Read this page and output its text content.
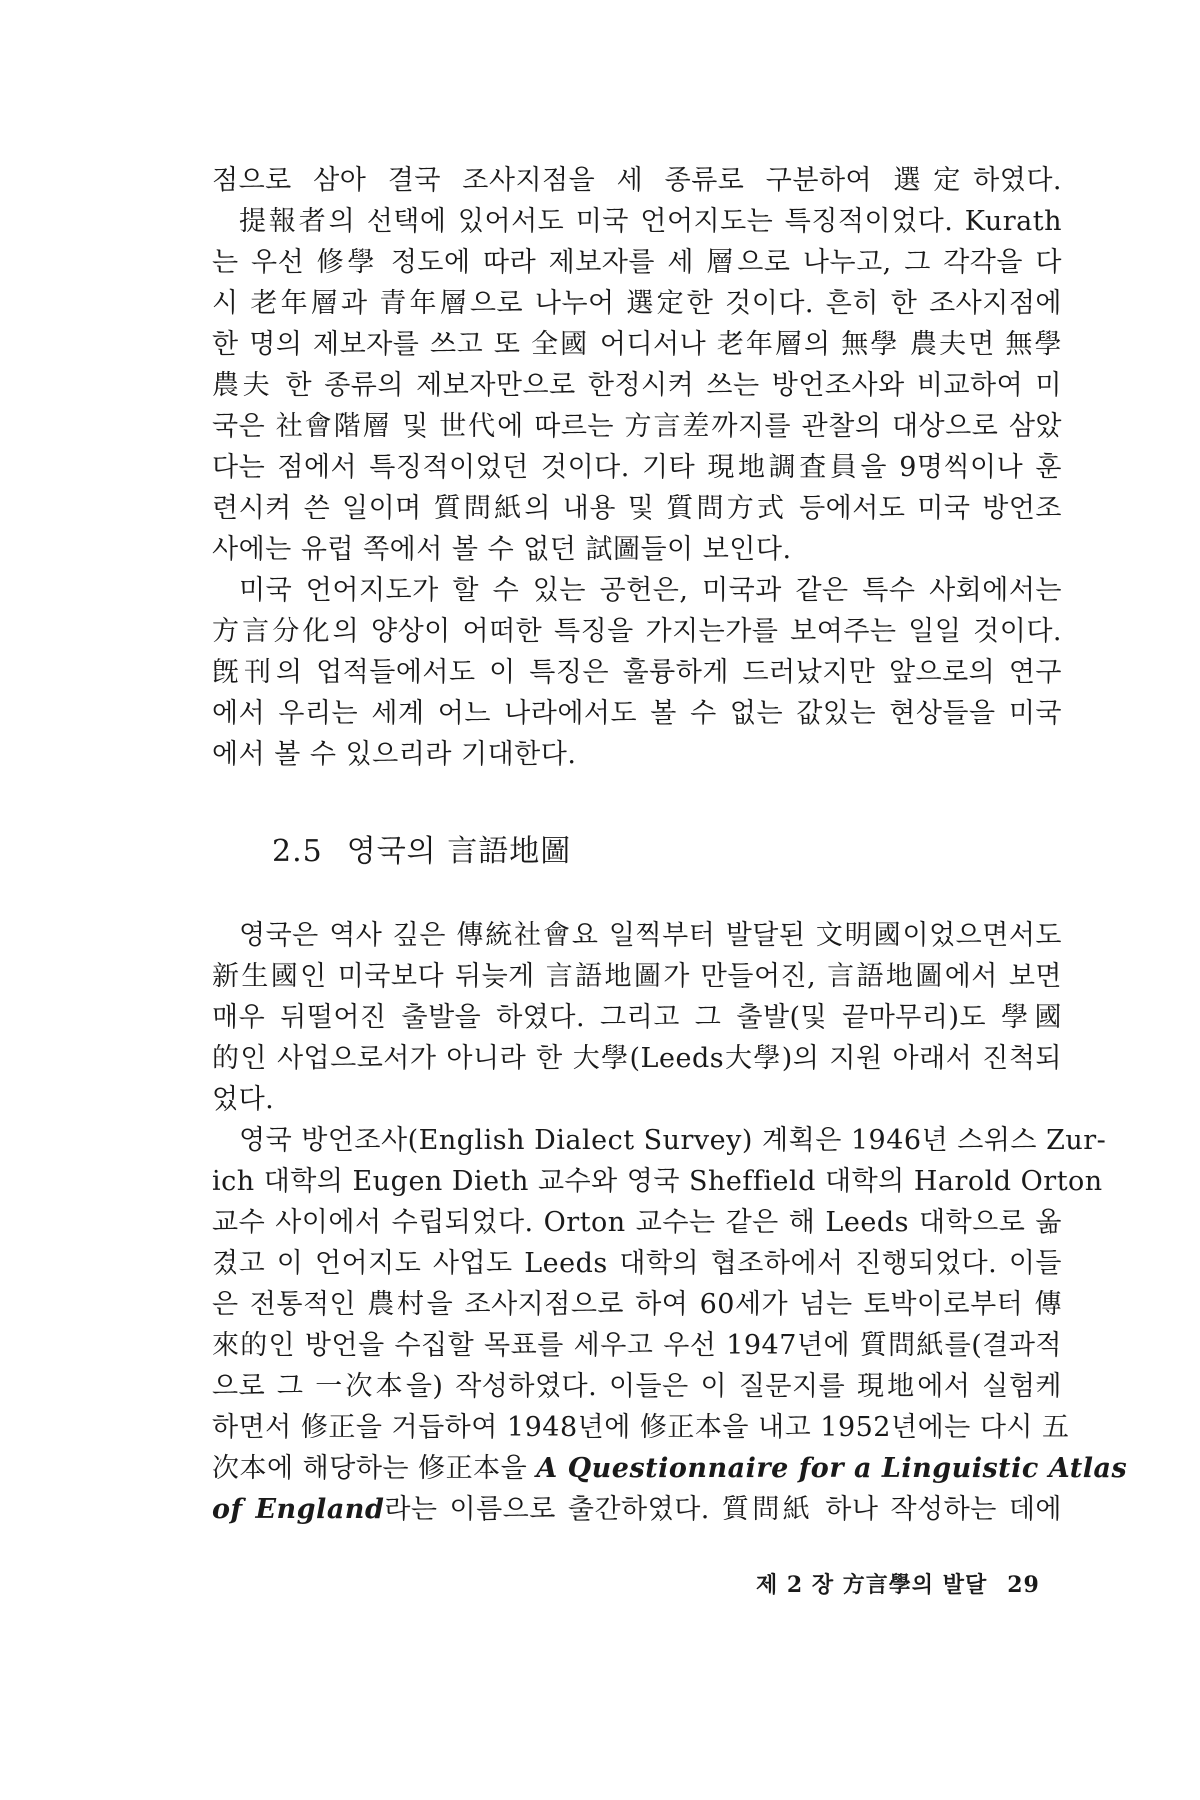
점으로 삼아 결국 조사지점을 세 종류로 구분하여 選定하였다.
提報者의 선택에 있어서도 미국 언어지도는 특징적이었다. Kurath
는 우선 修學 정도에 따라 제보자를 세 層으로 나누고, 그 각각을 다
시 老年層과 青年層으로 나누어 選定한 것이다. 흔히 한 조사지점에
한 명의 제보자를 쓰고 또 全國 어디서나 老年層의 無學 農夫면 無學
農夫 한 종류의 제보자만으로 한정시켜 쓰는 방언조사와 비교하여 미
국은 社會階層 및 世代에 따르는 方言差까지를 관찰의 대상으로 삼았
다는 점에서 특징적이었던 것이다. 기타 現地調査員을 9명씩이나 훈
련시켜 쓴 일이며 質問紙의 내용 및 質問方式 등에서도 미국 방언조
사에는 유럽 쪽에서 볼 수 없던 試圖들이 보인다.
미국 언어지도가 할 수 있는 공헌은, 미국과 같은 특수 사회에서는
方言分化의 양상이 어떠한 특징을 가지는가를 보여주는 일일 것이다.
旣刊의 업적들에서도 이 특징은 훌륭하게 드러났지만 앞으로의 연구
에서 우리는 세계 어느 나라에서도 볼 수 없는 값있는 현상들을 미국
에서 볼 수 있으리라 기대한다.
2.5 영국의 言語地圖
영국은 역사 깊은 傳統社會요 일찍부터 발달된 文明國이었으면서도
新生國인 미국보다 뒤늦게 言語地圖가 만들어진, 言語地圖에서 보면
매우 뒤떨어진 출발을 하였다. 그리고 그 출발(및 끝마무리)도 學國
的인 사업으로서가 아니라 한 大學(Leeds大學)의 지원 아래서 진척되
었다.
영국 방언조사(English Dialect Survey) 계획은 1946년 스위스 Zur-
ich 대학의 Eugen Dieth 교수와 영국 Sheffield 대학의 Harold Orton
교수 사이에서 수립되었다. Orton 교수는 같은 해 Leeds 대학으로 옮
겼고 이 언어지도 사업도 Leeds 대학의 협조하에서 진행되었다. 이들
은 전통적인 農村을 조사지점으로 하여 60세가 넘는 토박이로부터 傳
來的인 방언을 수집할 목표를 세우고 우선 1947년에 質問紙를(결과적
으로 그 一次本을) 작성하였다. 이들은 이 질문지를 現地에서 실험케
하면서 修正을 거듭하여 1948년에 修正本을 내고 1952년에는 다시 五
次本에 해당하는 修正本을 A Questionnaire for a Linguistic Atlas
of England라는 이름으로 출간하였다. 質問紙 하나 작성하는 데에
제 2 장 方言學의 발달 29
